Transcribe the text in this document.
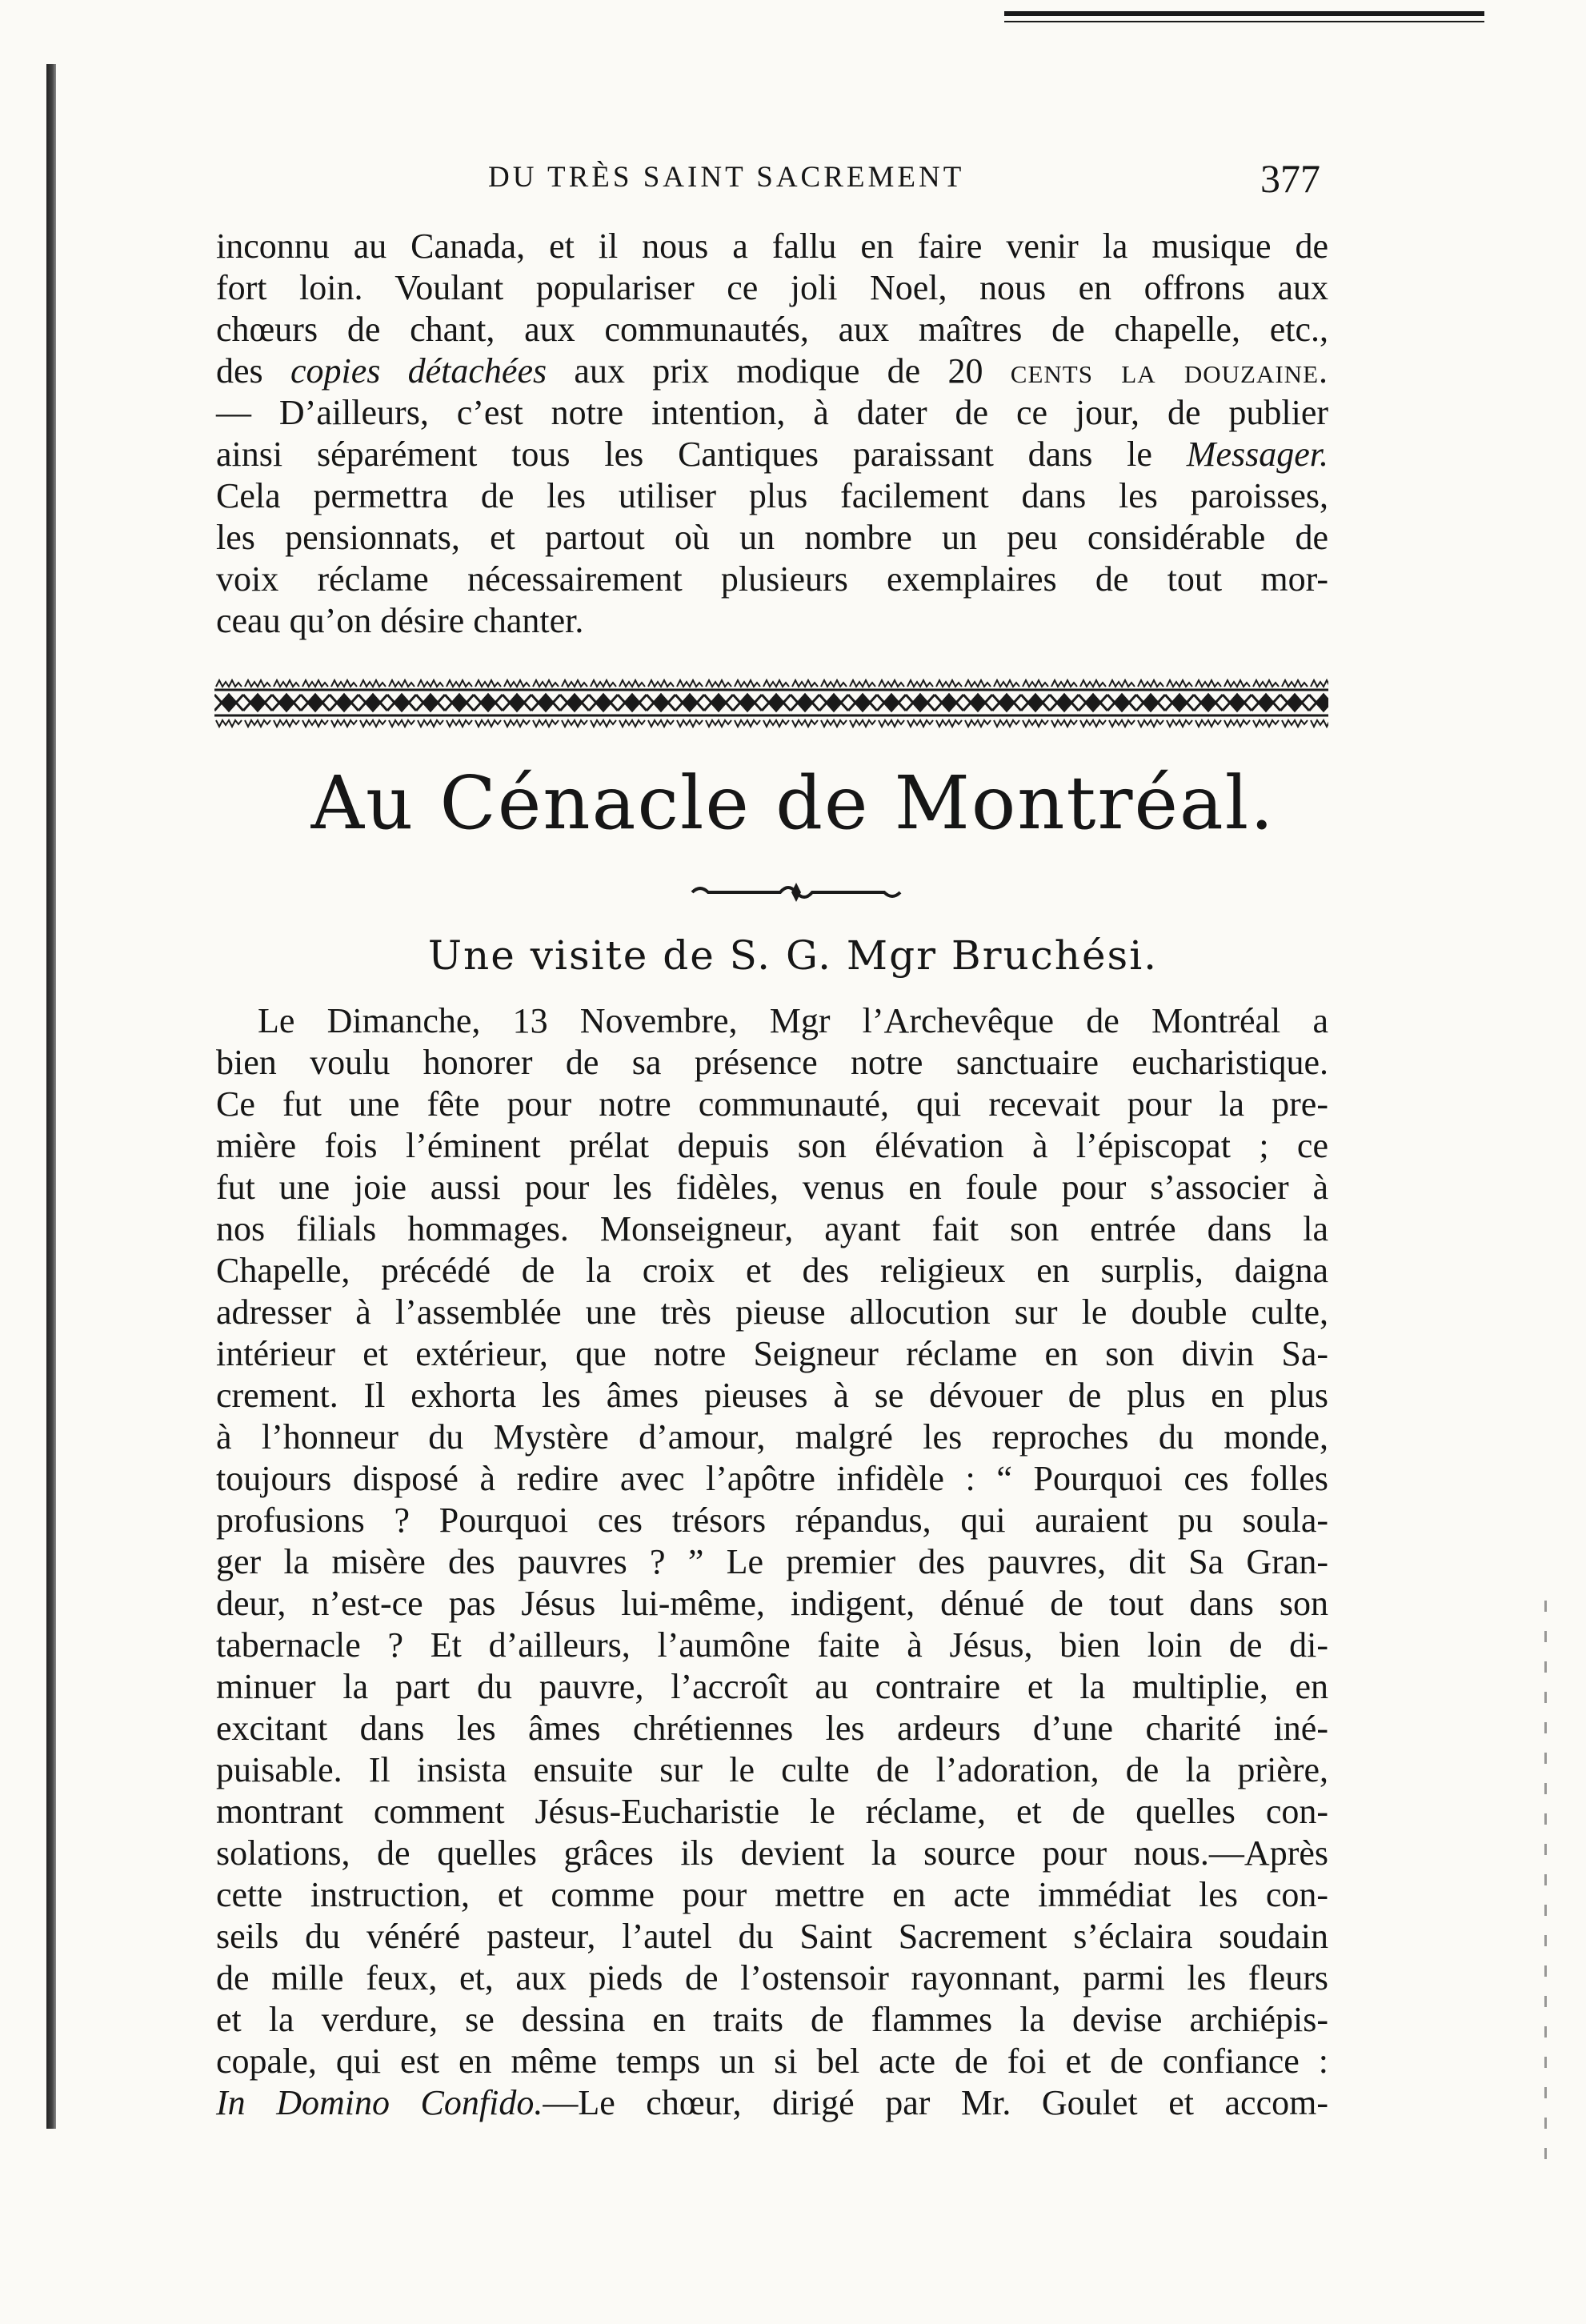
DU TRÈS SAINT SACREMENT	377
inconnu au Canada, et il nous a fallu en faire venir la musique de
fort loin. Voulant populariser ce joli Noel, nous en offrons aux
chœurs de chant, aux communautés, aux maîtres de chapelle, etc.,
des copies détachées aux prix modique de 20 cents la douzaine.
— D’ailleurs, c’est notre intention, à dater de ce jour, de publier
ainsi séparément tous les Cantiques paraissant dans le Messager.
Cela permettra de les utiliser plus facilement dans les paroisses,
les pensionnats, et partout où un nombre un peu considérable de
voix réclame nécessairement plusieurs exemplaires de tout mor-
ceau qu’on désire chanter.
Au Cénacle de Montréal.
Une visite de S. G. Mgr Bruchési.
Le Dimanche, 13 Novembre, Mgr l’Archevêque de Montréal a
bien voulu honorer de sa présence notre sanctuaire eucharistique.
Ce fut une fête pour notre communauté, qui recevait pour la pre-
mière fois l’éminent prélat depuis son élévation à l’épiscopat ; ce
fut une joie aussi pour les fidèles, venus en foule pour s’associer à
nos filials hommages. Monseigneur, ayant fait son entrée dans la
Chapelle, précédé de la croix et des religieux en surplis, daigna
adresser à l’assemblée une très pieuse allocution sur le double culte,
intérieur et extérieur, que notre Seigneur réclame en son divin Sa-
crement. Il exhorta les âmes pieuses à se dévouer de plus en plus
à l’honneur du Mystère d’amour, malgré les reproches du monde,
toujours disposé à redire avec l’apôtre infidèle : “ Pourquoi ces folles
profusions ? Pourquoi ces trésors répandus, qui auraient pu soula-
ger la misère des pauvres ? ” Le premier des pauvres, dit Sa Gran-
deur, n’est-ce pas Jésus lui-même, indigent, dénué de tout dans son
tabernacle ? Et d’ailleurs, l’aumône faite à Jésus, bien loin de di-
minuer la part du pauvre, l’accroît au contraire et la multiplie, en
excitant dans les âmes chrétiennes les ardeurs d’une charité iné-
puisable. Il insista ensuite sur le culte de l’adoration, de la prière,
montrant comment Jésus-Eucharistie le réclame, et de quelles con-
solations, de quelles grâces ils devient la source pour nous.—Après
cette instruction, et comme pour mettre en acte immédiat les con-
seils du vénéré pasteur, l’autel du Saint Sacrement s’éclaira soudain
de mille feux, et, aux pieds de l’ostensoir rayonnant, parmi les fleurs
et la verdure, se dessina en traits de flammes la devise archiépis-
copale, qui est en même temps un si bel acte de foi et de confiance :
In Domino Confido.—Le chœur, dirigé par Mr. Goulet et accom-
